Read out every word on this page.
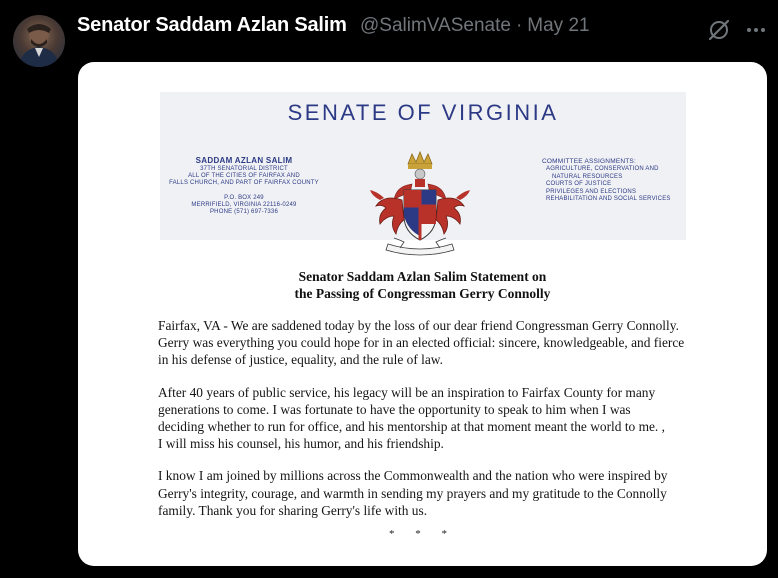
Senator Saddam Azlan Salim @SalimVASenate · May 21
SENATE OF VIRGINIA
SADDAM AZLAN SALIM
37TH SENATORIAL DISTRICT
ALL OF THE CITIES OF FAIRFAX AND
FALLS CHURCH, AND PART OF FAIRFAX COUNTY
P.O. BOX 249
MERRIFIELD, VIRGINIA 22116-0249
PHONE (571) 697-7336
COMMITTEE ASSIGNMENTS:
AGRICULTURE, CONSERVATION AND
NATURAL RESOURCES
COURTS OF JUSTICE
PRIVILEGES AND ELECTIONS
REHABILITATION AND SOCIAL SERVICES
Senator Saddam Azlan Salim Statement on
the Passing of Congressman Gerry Connolly
Fairfax, VA - We are saddened today by the loss of our dear friend Congressman Gerry Connolly.
Gerry was everything you could hope for in an elected official: sincere, knowledgeable, and fierce
in his defense of justice, equality, and the rule of law.
After 40 years of public service, his legacy will be an inspiration to Fairfax County for many
generations to come. I was fortunate to have the opportunity to speak to him when I was
deciding whether to run for office, and his mentorship at that moment meant the world to me. ,
I will miss his counsel, his humor, and his friendship.
I know I am joined by millions across the Commonwealth and the nation who were inspired by
Gerry's integrity, courage, and warmth in sending my prayers and my gratitude to the Connolly
family. Thank you for sharing Gerry's life with us.
* * *
